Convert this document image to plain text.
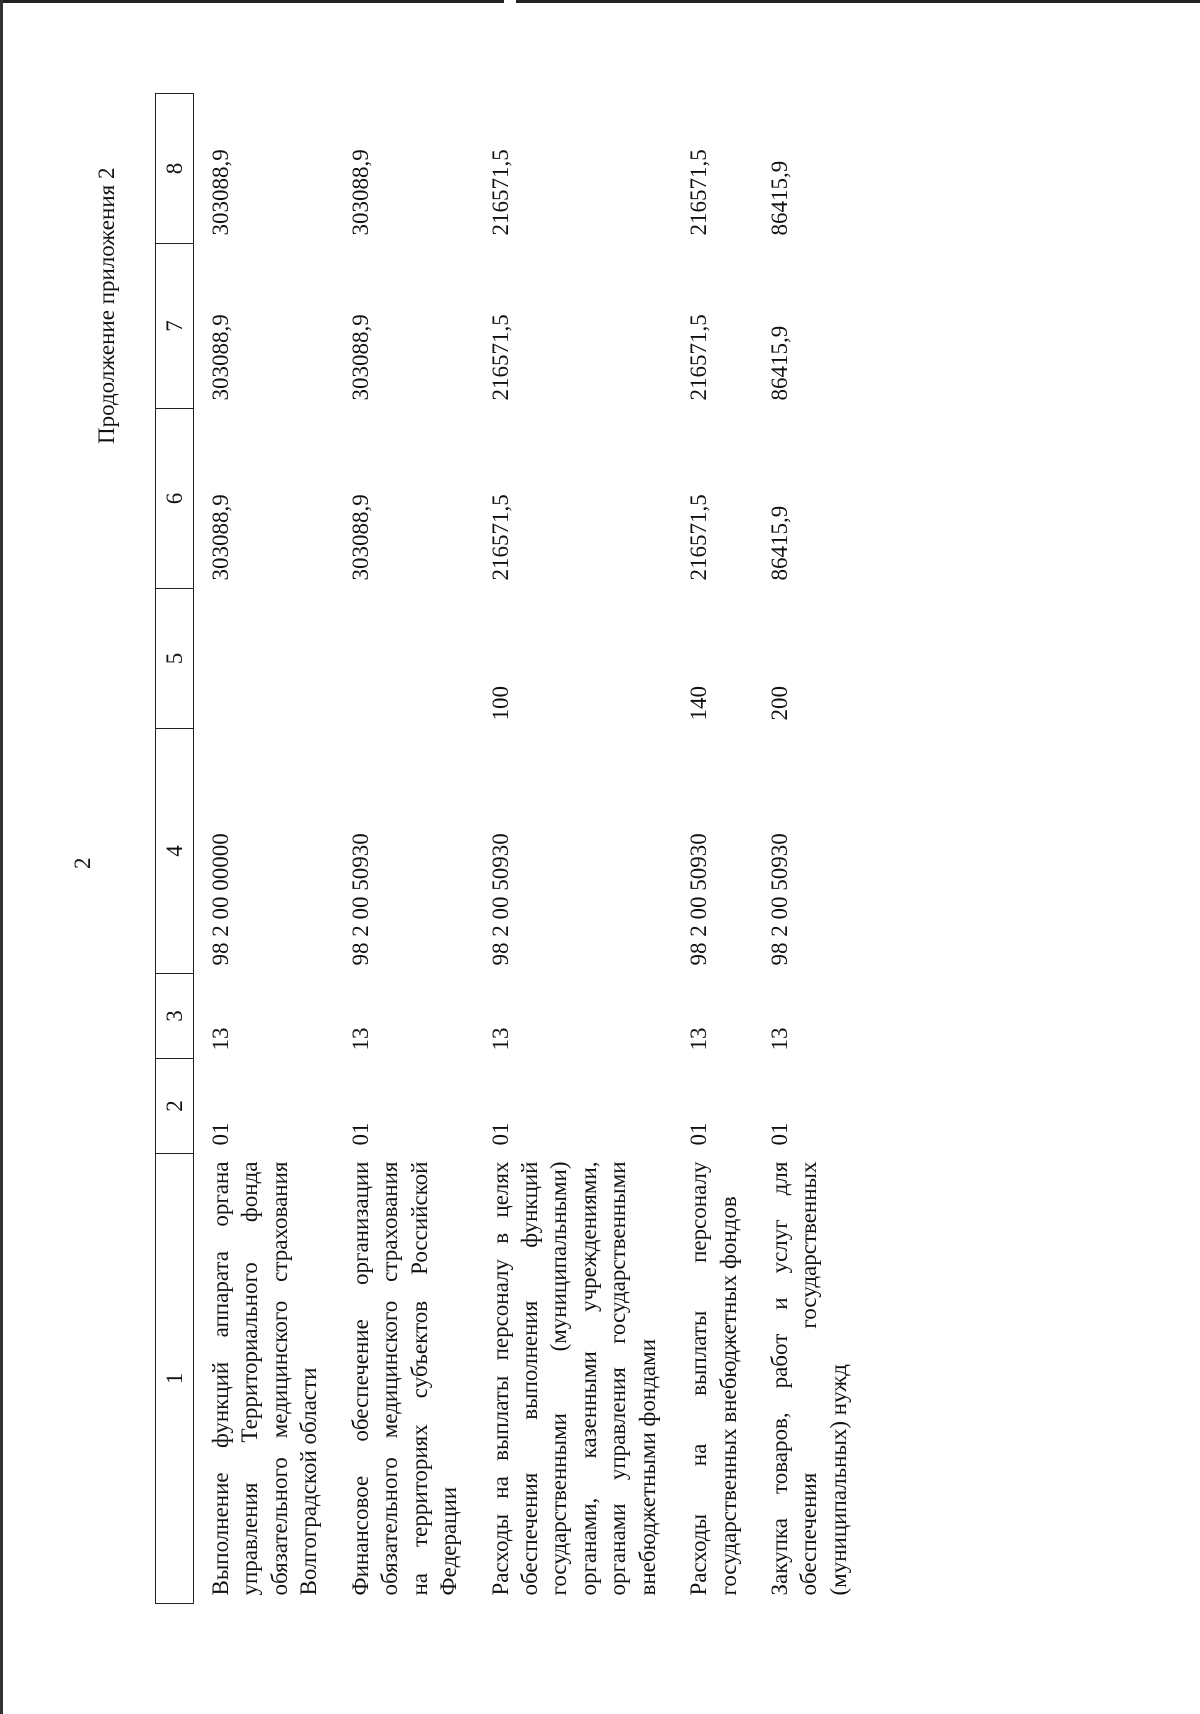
2
Продолжение приложения 2
1	2	3	4	5	6	7	8
Выполнение функций аппарата органа управления Территориального фонда обязательного медицинского страхования Волгоградской области	01	13	98 2 00 00000		303088,9	303088,9	303088,9
Финансовое обеспечение организации обязательного медицинского страхования на территориях субъектов Российской Федерации	01	13	98 2 00 50930		303088,9	303088,9	303088,9
Расходы на выплаты персоналу в целях обеспечения выполнения функций государственными (муниципальными) органами, казенными учреждениями, органами управления государственными внебюджетными фондами	01	13	98 2 00 50930	100	216571,5	216571,5	216571,5
Расходы на выплаты персоналу государственных внебюджетных фондов	01	13	98 2 00 50930	140	216571,5	216571,5	216571,5
Закупка товаров, работ и услуг для обеспечения государственных (муниципальных) нужд	01	13	98 2 00 50930	200	86415,9	86415,9	86415,9
